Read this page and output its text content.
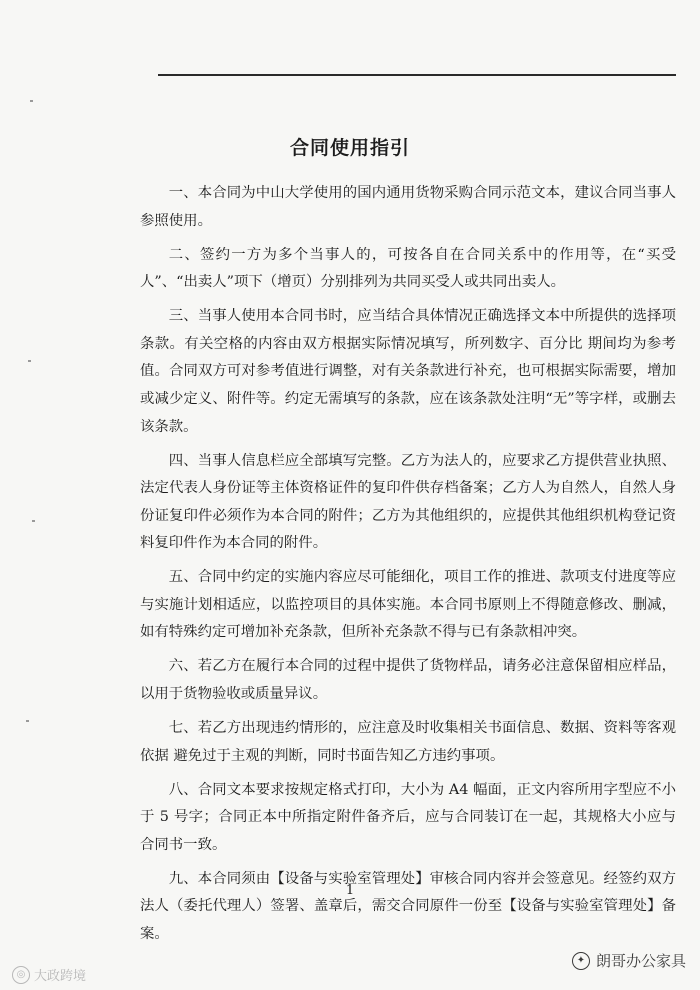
合同使用指引

一、本合同为中山大学使用的国内通用货物采购合同示范文本，建议合同当事人参照使用。

二、签约一方为多个当事人的，可按各自在合同关系中的作用等，在“买受人”、“出卖人”项下（增页）分别排列为共同买受人或共同出卖人。

三、当事人使用本合同书时，应当结合具体情况正确选择文本中所提供的选择项条款。有关空格的内容由双方根据实际情况填写，所列数字、百分比 期间均为参考值。合同双方可对参考值进行调整，对有关条款进行补充，也可根据实际需要，增加或减少定义、附件等。约定无需填写的条款，应在该条款处注明“无”等字样，或删去该条款。

四、当事人信息栏应全部填写完整。乙方为法人的，应要求乙方提供营业执照、法定代表人身份证等主体资格证件的复印件供存档备案；乙方人为自然人，自然人身份证复印件必须作为本合同的附件；乙方为其他组织的，应提供其他组织机构登记资料复印件作为本合同的附件。

五、合同中约定的实施内容应尽可能细化，项目工作的推进、款项支付进度等应与实施计划相适应，以监控项目的具体实施。本合同书原则上不得随意修改、删减，如有特殊约定可增加补充条款，但所补充条款不得与已有条款相冲突。

六、若乙方在履行本合同的过程中提供了货物样品，请务必注意保留相应样品，以用于货物验收或质量异议。

七、若乙方出现违约情形的，应注意及时收集相关书面信息、数据、资料等客观依据 避免过于主观的判断，同时书面告知乙方违约事项。

八、合同文本要求按规定格式打印，大小为 A4 幅面，正文内容所用字型应不小于 5 号字；合同正本中所指定附件备齐后，应与合同装订在一起，其规格大小应与合同书一致。

九、本合同须由【设备与实验室管理处】审核合同内容并会签意见。经签约双方法人（委托代理人）签署、盖章后，需交合同原件一份至【设备与实验室管理处】备案。

1
◎ 大政跨境
✦ 朗哥办公家具
